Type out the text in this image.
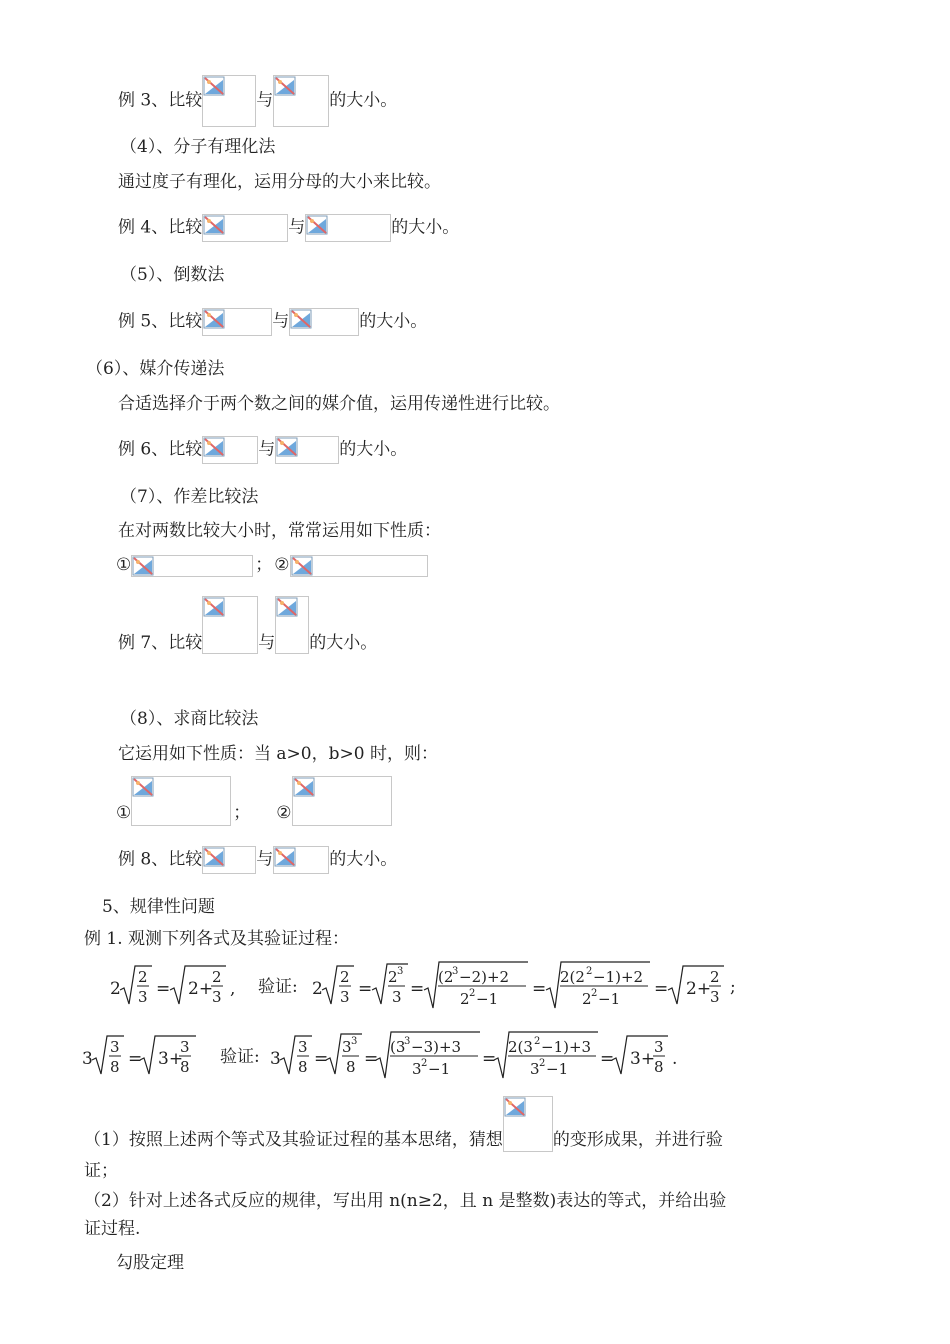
例 3、比较	与	的大小。
（4）、分子有理化法
通过度子有理化，运用分母的大小来比较。
例 4、比较	与	的大小。
（5）、倒数法
例 5、比较	与	的大小。
（6）、媒介传递法
合适选择介于两个数之间的媒介值，运用传递性进行比较。
例 6、比较	与	的大小。
（7）、作差比较法
在对两数比较大小时，常常运用如下性质：
①	； ②
例 7、比较	与 的大小。
（8）、求商比较法
它运用如下性质：当 a>0，b>0 时，则：
①	； ②
例 8、比较	与	的大小。
5、规律性问题
例 1. 观测下列各式及其验证过程：
2
2
3 = 2+
2
3 , 验证: 2
2
3 =
2 3
3 =
(2
3 −2)+2
2 2 −1 =
2(2 2 −1)+2
2 2 −1 = 2+
2
3 ;
3
3
8 = 3+
3
8 验证: 3
3
8 =
3 3
8 =
(3
3 −3)+3
3 2 −1 =
2(3 2 −1)+3
3 2 −1 = 3+
3
8 .
（1）按照上述两个等式及其验证过程的基本思绪，猜想	的变形成果，并进行验
证；
（2）针对上述各式反应的规律，写出用 n(n≥2，且 n 是整数)表达的等式，并给出验
证过程.
勾股定理
